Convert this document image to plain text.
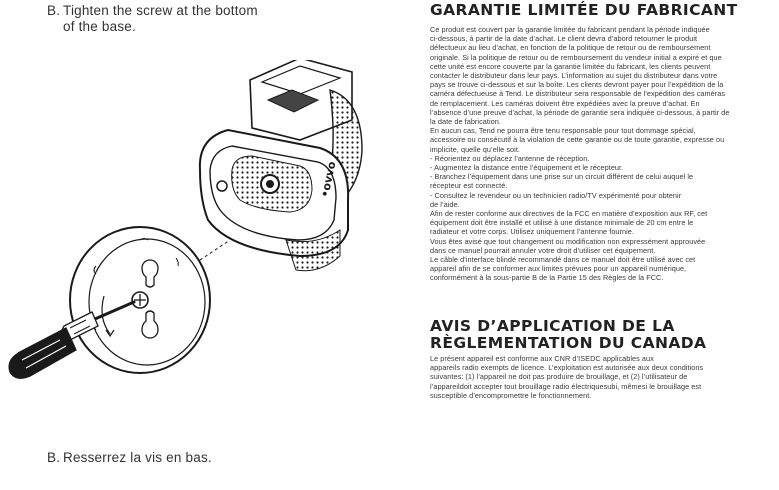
B. Tighten the screw at the bottom
of the base.
•ovvo
B. Resserrez la vis en bas.
GARANTIE LIMITÉE DU FABRICANT
Ce produit est couvert par la garantie limitée du fabricant pendant la période indiquée
ci-dessous, à partir de la date d’achat. Le client devra d’abord retourner le produit
défectueux au lieu d’achat, en fonction de la politique de retour ou de remboursement
originale. Si la politique de retour ou de remboursement du vendeur initial a expiré et que
cette unité est encore couverte par la garantie limitée du fabricant, les clients peuvent
contacter le distributeur dans leur pays. L’information au sujet du distributeur dans votre
pays se trouve ci-dessous et sur la boîte. Les clients devront payer pour l’expédition de la
caméra défectueuse à Tend. Le distributeur sera responsable de l’expédition des caméras
de remplacement. Les caméras doivent être expédiées avec la preuve d’achat. En
l’absence d’une preuve d’achat, la période de garantie sera indiquée ci-dessous, à partir de
la date de fabrication.
En aucun cas, Tend ne pourra être tenu responsable pour tout dommage spécial,
accessoire ou consécutif à la violation de cette garantie ou de toute garantie, expresse ou
implicite, quelle qu’elle soit.
- Réorientez ou déplacez l’antenne de réception.
- Augmentez la distance entre l’équipement et le récepteur.
- Branchez l’équipement dans une prise sur un circuit différent de celui auquel le
récepteur est connecté.
- Consultez le revendeur ou un technicien radio/TV expérimenté pour obtenir
de l’aide.
Afin de rester conforme aux directives de la FCC en matière d’exposition aux RF, cet
équipement doit être installé et utilisé à une distance minimale de 20 cm entre le
radiateur et votre corps. Utilisez uniquement l’antenne fournie.
Vous êtes avisé que tout changement ou modification non expressément approuvée
dans ce manuel pourrait annuler votre droit d’utiliser cet équipement.
Le câble d’interface blindé recommandé dans ce manuel doit être utilisé avec cet
appareil afin de se conformer aux limites prévues pour un appareil numérique,
conformément à la sous-partie B de la Partie 15 des Règles de la FCC.
AVIS D’APPLICATION DE LA
RÈGLEMENTATION DU CANADA
Le présent appareil est conforme aux CNR d’ISEDC applicables aux
appareils radio exempts de licence. L’exploitation est autorisée aux deux conditions
suivantes: (1) l’appareil ne doit pas produire de brouillage, et (2) l’utilisateur de
l’appareildoit accepter tout brouillage radio électriquesubi, mêmesi le brouillage est
susceptible d’encompromettre le fonctionnement.
